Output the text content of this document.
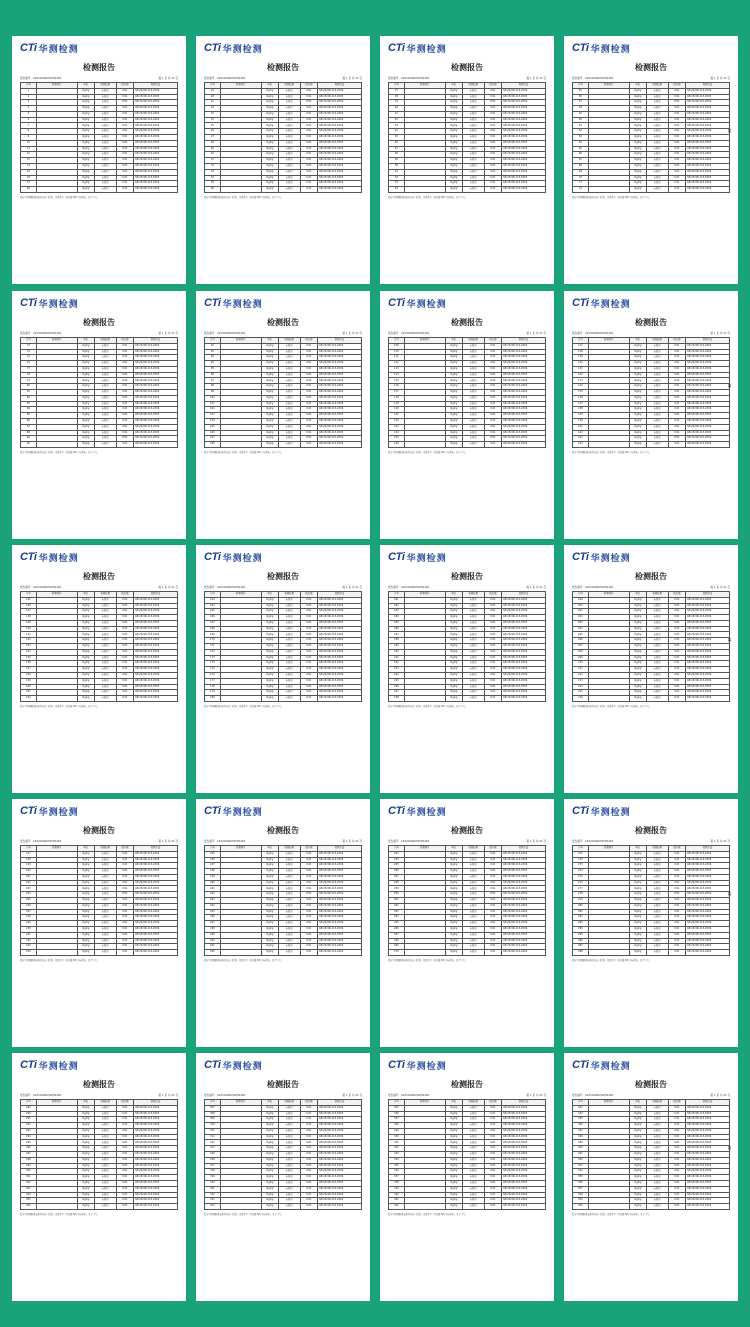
CTi 华测检测
检测报告
报告编号：A2230184652030402	第 1 页 共 21 页
序号	检测项目	单位	检测结果	检出限	检测方法
1		mg/kg	未检出	0.01	GB 23200.113-2018
2		mg/kg	未检出	0.01	GB 23200.113-2018
3		mg/kg	未检出	0.01	GB 23200.113-2018
4		mg/kg	未检出	0.01	GB 23200.113-2018
5		mg/kg	未检出	0.01	GB 23200.113-2018
6		mg/kg	未检出	0.01	GB 23200.113-2018
7		mg/kg	未检出	0.01	GB 23200.113-2018
8		mg/kg	未检出	0.01	GB 23200.113-2018
9		mg/kg	未检出	0.01	GB 23200.113-2018
10		mg/kg	未检出	0.01	GB 23200.113-2018
11		mg/kg	未检出	0.01	GB 23200.113-2018
12		mg/kg	未检出	0.01	GB 23200.113-2018
13		mg/kg	未检出	0.01	GB 23200.113-2018
14		mg/kg	未检出	0.01	GB 23200.113-2018
15		mg/kg	未检出	0.01	GB 23200.113-2018
16		mg/kg	未检出	0.01	GB 23200.113-2018
17		mg/kg	未检出	0.01	GB 23200.113-2018
18		mg/kg	未检出	0.01	GB 23200.113-2018
报告中所附限值标准均由客户提供，仅供参考；检出限 ND 为未检出。以下空白。
CTi 华测检测
检测报告
报告编号：A2230184652030402	第 1 页 共 21 页
序号	检测项目	单位	检测结果	检出限	检测方法
19		mg/kg	未检出	0.01	GB 23200.113-2018
20		mg/kg	未检出	0.01	GB 23200.113-2018
21		mg/kg	未检出	0.01	GB 23200.113-2018
22		mg/kg	未检出	0.01	GB 23200.113-2018
23		mg/kg	未检出	0.01	GB 23200.113-2018
24		mg/kg	未检出	0.01	GB 23200.113-2018
25		mg/kg	未检出	0.01	GB 23200.113-2018
26		mg/kg	未检出	0.01	GB 23200.113-2018
27		mg/kg	未检出	0.01	GB 23200.113-2018
28		mg/kg	未检出	0.01	GB 23200.113-2018
29		mg/kg	未检出	0.01	GB 23200.113-2018
30		mg/kg	未检出	0.01	GB 23200.113-2018
31		mg/kg	未检出	0.01	GB 23200.113-2018
32		mg/kg	未检出	0.01	GB 23200.113-2018
33		mg/kg	未检出	0.01	GB 23200.113-2018
34		mg/kg	未检出	0.01	GB 23200.113-2018
35		mg/kg	未检出	0.01	GB 23200.113-2018
36		mg/kg	未检出	0.01	GB 23200.113-2018
报告中所附限值标准均由客户提供，仅供参考；检出限 ND 为未检出。以下空白。
CTi 华测检测
检测报告
报告编号：A2230184652030402	第 1 页 共 21 页
序号	检测项目	单位	检测结果	检出限	检测方法
37		mg/kg	未检出	0.01	GB 23200.113-2018
38		mg/kg	未检出	0.01	GB 23200.113-2018
39		mg/kg	未检出	0.01	GB 23200.113-2018
40		mg/kg	未检出	0.01	GB 23200.113-2018
41		mg/kg	未检出	0.01	GB 23200.113-2018
42		mg/kg	未检出	0.01	GB 23200.113-2018
43		mg/kg	未检出	0.01	GB 23200.113-2018
44		mg/kg	未检出	0.01	GB 23200.113-2018
45		mg/kg	未检出	0.01	GB 23200.113-2018
46		mg/kg	未检出	0.01	GB 23200.113-2018
47		mg/kg	未检出	0.01	GB 23200.113-2018
48		mg/kg	未检出	0.01	GB 23200.113-2018
49		mg/kg	未检出	0.01	GB 23200.113-2018
50		mg/kg	未检出	0.01	GB 23200.113-2018
51		mg/kg	未检出	0.01	GB 23200.113-2018
52		mg/kg	未检出	0.01	GB 23200.113-2018
53		mg/kg	未检出	0.01	GB 23200.113-2018
54		mg/kg	未检出	0.01	GB 23200.113-2018
报告中所附限值标准均由客户提供，仅供参考；检出限 ND 为未检出。以下空白。
CTi 华测检测
检测报告
报告编号：A2230184652030402	第 1 页 共 21 页
序号	检测项目	单位	检测结果	检出限	检测方法
55		mg/kg	未检出	0.01	GB 23200.113-2018
56		mg/kg	未检出	0.01	GB 23200.113-2018
57		mg/kg	未检出	0.01	GB 23200.113-2018
58		mg/kg	未检出	0.01	GB 23200.113-2018
59		mg/kg	未检出	0.01	GB 23200.113-2018
60		mg/kg	未检出	0.01	GB 23200.113-2018
61		mg/kg	未检出	0.01	GB 23200.113-2018
62		mg/kg	未检出	0.01	GB 23200.113-2018
63		mg/kg	未检出	0.01	GB 23200.113-2018
64		mg/kg	未检出	0.01	GB 23200.113-2018
65		mg/kg	未检出	0.01	GB 23200.113-2018
66		mg/kg	未检出	0.01	GB 23200.113-2018
67		mg/kg	未检出	0.01	GB 23200.113-2018
68		mg/kg	未检出	0.01	GB 23200.113-2018
69		mg/kg	未检出	0.01	GB 23200.113-2018
70		mg/kg	未检出	0.01	GB 23200.113-2018
71		mg/kg	未检出	0.01	GB 23200.113-2018
72		mg/kg	未检出	0.01	GB 23200.113-2018
报告中所附限值标准均由客户提供，仅供参考；检出限 ND 为未检出。以下空白。
✕
CTi 华测检测
检测报告
报告编号：A2230184652030402	第 1 页 共 21 页
序号	检测项目	单位	检测结果	检出限	检测方法
73		mg/kg	未检出	0.01	GB 23200.113-2018
74		mg/kg	未检出	0.01	GB 23200.113-2018
75		mg/kg	未检出	0.01	GB 23200.113-2018
76		mg/kg	未检出	0.01	GB 23200.113-2018
77		mg/kg	未检出	0.01	GB 23200.113-2018
78		mg/kg	未检出	0.01	GB 23200.113-2018
79		mg/kg	未检出	0.01	GB 23200.113-2018
80		mg/kg	未检出	0.01	GB 23200.113-2018
81		mg/kg	未检出	0.01	GB 23200.113-2018
82		mg/kg	未检出	0.01	GB 23200.113-2018
83		mg/kg	未检出	0.01	GB 23200.113-2018
84		mg/kg	未检出	0.01	GB 23200.113-2018
85		mg/kg	未检出	0.01	GB 23200.113-2018
86		mg/kg	未检出	0.01	GB 23200.113-2018
87		mg/kg	未检出	0.01	GB 23200.113-2018
88		mg/kg	未检出	0.01	GB 23200.113-2018
89		mg/kg	未检出	0.01	GB 23200.113-2018
90		mg/kg	未检出	0.01	GB 23200.113-2018
报告中所附限值标准均由客户提供，仅供参考；检出限 ND 为未检出。以下空白。
CTi 华测检测
检测报告
报告编号：A2230184652030402	第 1 页 共 21 页
序号	检测项目	单位	检测结果	检出限	检测方法
91		mg/kg	未检出	0.01	GB 23200.113-2018
92		mg/kg	未检出	0.01	GB 23200.113-2018
93		mg/kg	未检出	0.01	GB 23200.113-2018
94		mg/kg	未检出	0.01	GB 23200.113-2018
95		mg/kg	未检出	0.01	GB 23200.113-2018
96		mg/kg	未检出	0.01	GB 23200.113-2018
97		mg/kg	未检出	0.01	GB 23200.113-2018
98		mg/kg	未检出	0.01	GB 23200.113-2018
99		mg/kg	未检出	0.01	GB 23200.113-2018
100		mg/kg	未检出	0.01	GB 23200.113-2018
101		mg/kg	未检出	0.01	GB 23200.113-2018
102		mg/kg	未检出	0.01	GB 23200.113-2018
103		mg/kg	未检出	0.01	GB 23200.113-2018
104		mg/kg	未检出	0.01	GB 23200.113-2018
105		mg/kg	未检出	0.01	GB 23200.113-2018
106		mg/kg	未检出	0.01	GB 23200.113-2018
107		mg/kg	未检出	0.01	GB 23200.113-2018
108		mg/kg	未检出	0.01	GB 23200.113-2018
报告中所附限值标准均由客户提供，仅供参考；检出限 ND 为未检出。以下空白。
CTi 华测检测
检测报告
报告编号：A2230184652030402	第 1 页 共 21 页
序号	检测项目	单位	检测结果	检出限	检测方法
109		mg/kg	未检出	0.01	GB 23200.113-2018
110		mg/kg	未检出	0.01	GB 23200.113-2018
111		mg/kg	未检出	0.01	GB 23200.113-2018
112		mg/kg	未检出	0.01	GB 23200.113-2018
113		mg/kg	未检出	0.01	GB 23200.113-2018
114		mg/kg	未检出	0.01	GB 23200.113-2018
115		mg/kg	未检出	0.01	GB 23200.113-2018
116		mg/kg	未检出	0.01	GB 23200.113-2018
117		mg/kg	未检出	0.01	GB 23200.113-2018
118		mg/kg	未检出	0.01	GB 23200.113-2018
119		mg/kg	未检出	0.01	GB 23200.113-2018
120		mg/kg	未检出	0.01	GB 23200.113-2018
121		mg/kg	未检出	0.01	GB 23200.113-2018
122		mg/kg	未检出	0.01	GB 23200.113-2018
123		mg/kg	未检出	0.01	GB 23200.113-2018
124		mg/kg	未检出	0.01	GB 23200.113-2018
125		mg/kg	未检出	0.01	GB 23200.113-2018
126		mg/kg	未检出	0.01	GB 23200.113-2018
报告中所附限值标准均由客户提供，仅供参考；检出限 ND 为未检出。以下空白。
CTi 华测检测
检测报告
报告编号：A2230184652030402	第 1 页 共 21 页
序号	检测项目	单位	检测结果	检出限	检测方法
127		mg/kg	未检出	0.01	GB 23200.113-2018
128		mg/kg	未检出	0.01	GB 23200.113-2018
129		mg/kg	未检出	0.01	GB 23200.113-2018
130		mg/kg	未检出	0.01	GB 23200.113-2018
131		mg/kg	未检出	0.01	GB 23200.113-2018
132		mg/kg	未检出	0.01	GB 23200.113-2018
133		mg/kg	未检出	0.01	GB 23200.113-2018
134		mg/kg	未检出	0.01	GB 23200.113-2018
135		mg/kg	未检出	0.01	GB 23200.113-2018
136		mg/kg	未检出	0.01	GB 23200.113-2018
137		mg/kg	未检出	0.01	GB 23200.113-2018
138		mg/kg	未检出	0.01	GB 23200.113-2018
139		mg/kg	未检出	0.01	GB 23200.113-2018
140		mg/kg	未检出	0.01	GB 23200.113-2018
141		mg/kg	未检出	0.01	GB 23200.113-2018
142		mg/kg	未检出	0.01	GB 23200.113-2018
143		mg/kg	未检出	0.01	GB 23200.113-2018
144		mg/kg	未检出	0.01	GB 23200.113-2018
报告中所附限值标准均由客户提供，仅供参考；检出限 ND 为未检出。以下空白。
✕
CTi 华测检测
检测报告
报告编号：A2230184652030402	第 1 页 共 21 页
序号	检测项目	单位	检测结果	检出限	检测方法
145		mg/kg	未检出	0.01	GB 23200.113-2018
146		mg/kg	未检出	0.01	GB 23200.113-2018
147		mg/kg	未检出	0.01	GB 23200.113-2018
148		mg/kg	未检出	0.01	GB 23200.113-2018
149		mg/kg	未检出	0.01	GB 23200.113-2018
150		mg/kg	未检出	0.01	GB 23200.113-2018
151		mg/kg	未检出	0.01	GB 23200.113-2018
152		mg/kg	未检出	0.01	GB 23200.113-2018
153		mg/kg	未检出	0.01	GB 23200.113-2018
154		mg/kg	未检出	0.01	GB 23200.113-2018
155		mg/kg	未检出	0.01	GB 23200.113-2018
156		mg/kg	未检出	0.01	GB 23200.113-2018
157		mg/kg	未检出	0.01	GB 23200.113-2018
158		mg/kg	未检出	0.01	GB 23200.113-2018
159		mg/kg	未检出	0.01	GB 23200.113-2018
160		mg/kg	未检出	0.01	GB 23200.113-2018
161		mg/kg	未检出	0.01	GB 23200.113-2018
162		mg/kg	未检出	0.01	GB 23200.113-2018
报告中所附限值标准均由客户提供，仅供参考；检出限 ND 为未检出。以下空白。
CTi 华测检测
检测报告
报告编号：A2230184652030402	第 1 页 共 21 页
序号	检测项目	单位	检测结果	检出限	检测方法
163		mg/kg	未检出	0.01	GB 23200.113-2018
164		mg/kg	未检出	0.01	GB 23200.113-2018
165		mg/kg	未检出	0.01	GB 23200.113-2018
166		mg/kg	未检出	0.01	GB 23200.113-2018
167		mg/kg	未检出	0.01	GB 23200.113-2018
168		mg/kg	未检出	0.01	GB 23200.113-2018
169		mg/kg	未检出	0.01	GB 23200.113-2018
170		mg/kg	未检出	0.01	GB 23200.113-2018
171		mg/kg	未检出	0.01	GB 23200.113-2018
172		mg/kg	未检出	0.01	GB 23200.113-2018
173		mg/kg	未检出	0.01	GB 23200.113-2018
174		mg/kg	未检出	0.01	GB 23200.113-2018
175		mg/kg	未检出	0.01	GB 23200.113-2018
176		mg/kg	未检出	0.01	GB 23200.113-2018
177		mg/kg	未检出	0.01	GB 23200.113-2018
178		mg/kg	未检出	0.01	GB 23200.113-2018
179		mg/kg	未检出	0.01	GB 23200.113-2018
180		mg/kg	未检出	0.01	GB 23200.113-2018
报告中所附限值标准均由客户提供，仅供参考；检出限 ND 为未检出。以下空白。
CTi 华测检测
检测报告
报告编号：A2230184652030402	第 1 页 共 21 页
序号	检测项目	单位	检测结果	检出限	检测方法
181		mg/kg	未检出	0.01	GB 23200.113-2018
182		mg/kg	未检出	0.01	GB 23200.113-2018
183		mg/kg	未检出	0.01	GB 23200.113-2018
184		mg/kg	未检出	0.01	GB 23200.113-2018
185		mg/kg	未检出	0.01	GB 23200.113-2018
186		mg/kg	未检出	0.01	GB 23200.113-2018
187		mg/kg	未检出	0.01	GB 23200.113-2018
188		mg/kg	未检出	0.01	GB 23200.113-2018
189		mg/kg	未检出	0.01	GB 23200.113-2018
190		mg/kg	未检出	0.01	GB 23200.113-2018
191		mg/kg	未检出	0.01	GB 23200.113-2018
192		mg/kg	未检出	0.01	GB 23200.113-2018
193		mg/kg	未检出	0.01	GB 23200.113-2018
194		mg/kg	未检出	0.01	GB 23200.113-2018
195		mg/kg	未检出	0.01	GB 23200.113-2018
196		mg/kg	未检出	0.01	GB 23200.113-2018
197		mg/kg	未检出	0.01	GB 23200.113-2018
198		mg/kg	未检出	0.01	GB 23200.113-2018
报告中所附限值标准均由客户提供，仅供参考；检出限 ND 为未检出。以下空白。
CTi 华测检测
检测报告
报告编号：A2230184652030402	第 1 页 共 21 页
序号	检测项目	单位	检测结果	检出限	检测方法
199		mg/kg	未检出	0.01	GB 23200.113-2018
200		mg/kg	未检出	0.01	GB 23200.113-2018
201		mg/kg	未检出	0.01	GB 23200.113-2018
202		mg/kg	未检出	0.01	GB 23200.113-2018
203		mg/kg	未检出	0.01	GB 23200.113-2018
204		mg/kg	未检出	0.01	GB 23200.113-2018
205		mg/kg	未检出	0.01	GB 23200.113-2018
206		mg/kg	未检出	0.01	GB 23200.113-2018
207		mg/kg	未检出	0.01	GB 23200.113-2018
208		mg/kg	未检出	0.01	GB 23200.113-2018
209		mg/kg	未检出	0.01	GB 23200.113-2018
210		mg/kg	未检出	0.01	GB 23200.113-2018
211		mg/kg	未检出	0.01	GB 23200.113-2018
212		mg/kg	未检出	0.01	GB 23200.113-2018
213		mg/kg	未检出	0.01	GB 23200.113-2018
214		mg/kg	未检出	0.01	GB 23200.113-2018
215		mg/kg	未检出	0.01	GB 23200.113-2018
216		mg/kg	未检出	0.01	GB 23200.113-2018
报告中所附限值标准均由客户提供，仅供参考；检出限 ND 为未检出。以下空白。
✕
CTi 华测检测
检测报告
报告编号：A2230184652030402	第 1 页 共 21 页
序号	检测项目	单位	检测结果	检出限	检测方法
217		mg/kg	未检出	0.01	GB 23200.113-2018
218		mg/kg	未检出	0.01	GB 23200.113-2018
219		mg/kg	未检出	0.01	GB 23200.113-2018
220		mg/kg	未检出	0.01	GB 23200.113-2018
221		mg/kg	未检出	0.01	GB 23200.113-2018
222		mg/kg	未检出	0.01	GB 23200.113-2018
223		mg/kg	未检出	0.01	GB 23200.113-2018
224		mg/kg	未检出	0.01	GB 23200.113-2018
225		mg/kg	未检出	0.01	GB 23200.113-2018
226		mg/kg	未检出	0.01	GB 23200.113-2018
227		mg/kg	未检出	0.01	GB 23200.113-2018
228		mg/kg	未检出	0.01	GB 23200.113-2018
229		mg/kg	未检出	0.01	GB 23200.113-2018
230		mg/kg	未检出	0.01	GB 23200.113-2018
231		mg/kg	未检出	0.01	GB 23200.113-2018
232		mg/kg	未检出	0.01	GB 23200.113-2018
233		mg/kg	未检出	0.01	GB 23200.113-2018
234		mg/kg	未检出	0.01	GB 23200.113-2018
报告中所附限值标准均由客户提供，仅供参考；检出限 ND 为未检出。以下空白。
CTi 华测检测
检测报告
报告编号：A2230184652030402	第 1 页 共 21 页
序号	检测项目	单位	检测结果	检出限	检测方法
235		mg/kg	未检出	0.01	GB 23200.113-2018
236		mg/kg	未检出	0.01	GB 23200.113-2018
237		mg/kg	未检出	0.01	GB 23200.113-2018
238		mg/kg	未检出	0.01	GB 23200.113-2018
239		mg/kg	未检出	0.01	GB 23200.113-2018
240		mg/kg	未检出	0.01	GB 23200.113-2018
241		mg/kg	未检出	0.01	GB 23200.113-2018
242		mg/kg	未检出	0.01	GB 23200.113-2018
243		mg/kg	未检出	0.01	GB 23200.113-2018
244		mg/kg	未检出	0.01	GB 23200.113-2018
245		mg/kg	未检出	0.01	GB 23200.113-2018
246		mg/kg	未检出	0.01	GB 23200.113-2018
247		mg/kg	未检出	0.01	GB 23200.113-2018
248		mg/kg	未检出	0.01	GB 23200.113-2018
249		mg/kg	未检出	0.01	GB 23200.113-2018
250		mg/kg	未检出	0.01	GB 23200.113-2018
251		mg/kg	未检出	0.01	GB 23200.113-2018
252		mg/kg	未检出	0.01	GB 23200.113-2018
报告中所附限值标准均由客户提供，仅供参考；检出限 ND 为未检出。以下空白。
CTi 华测检测
检测报告
报告编号：A2230184652030402	第 1 页 共 21 页
序号	检测项目	单位	检测结果	检出限	检测方法
253		mg/kg	未检出	0.01	GB 23200.113-2018
254		mg/kg	未检出	0.01	GB 23200.113-2018
255		mg/kg	未检出	0.01	GB 23200.113-2018
256		mg/kg	未检出	0.01	GB 23200.113-2018
257		mg/kg	未检出	0.01	GB 23200.113-2018
258		mg/kg	未检出	0.01	GB 23200.113-2018
259		mg/kg	未检出	0.01	GB 23200.113-2018
260		mg/kg	未检出	0.01	GB 23200.113-2018
261		mg/kg	未检出	0.01	GB 23200.113-2018
262		mg/kg	未检出	0.01	GB 23200.113-2018
263		mg/kg	未检出	0.01	GB 23200.113-2018
264		mg/kg	未检出	0.01	GB 23200.113-2018
265		mg/kg	未检出	0.01	GB 23200.113-2018
266		mg/kg	未检出	0.01	GB 23200.113-2018
267		mg/kg	未检出	0.01	GB 23200.113-2018
268		mg/kg	未检出	0.01	GB 23200.113-2018
269		mg/kg	未检出	0.01	GB 23200.113-2018
270		mg/kg	未检出	0.01	GB 23200.113-2018
报告中所附限值标准均由客户提供，仅供参考；检出限 ND 为未检出。以下空白。
CTi 华测检测
检测报告
报告编号：A2230184652030402	第 1 页 共 21 页
序号	检测项目	单位	检测结果	检出限	检测方法
271		mg/kg	未检出	0.01	GB 23200.113-2018
272		mg/kg	未检出	0.01	GB 23200.113-2018
273		mg/kg	未检出	0.01	GB 23200.113-2018
274		mg/kg	未检出	0.01	GB 23200.113-2018
275		mg/kg	未检出	0.01	GB 23200.113-2018
276		mg/kg	未检出	0.01	GB 23200.113-2018
277		mg/kg	未检出	0.01	GB 23200.113-2018
278		mg/kg	未检出	0.01	GB 23200.113-2018
279		mg/kg	未检出	0.01	GB 23200.113-2018
280		mg/kg	未检出	0.01	GB 23200.113-2018
281		mg/kg	未检出	0.01	GB 23200.113-2018
282		mg/kg	未检出	0.01	GB 23200.113-2018
283		mg/kg	未检出	0.01	GB 23200.113-2018
284		mg/kg	未检出	0.01	GB 23200.113-2018
285		mg/kg	未检出	0.01	GB 23200.113-2018
286		mg/kg	未检出	0.01	GB 23200.113-2018
287		mg/kg	未检出	0.01	GB 23200.113-2018
288		mg/kg	未检出	0.01	GB 23200.113-2018
报告中所附限值标准均由客户提供，仅供参考；检出限 ND 为未检出。以下空白。
✕
CTi 华测检测
检测报告
报告编号：A2230184652030402	第 1 页 共 21 页
序号	检测项目	单位	检测结果	检出限	检测方法
289		mg/kg	未检出	0.01	GB 23200.113-2018
290		mg/kg	未检出	0.01	GB 23200.113-2018
291		mg/kg	未检出	0.01	GB 23200.113-2018
292		mg/kg	未检出	0.01	GB 23200.113-2018
293		mg/kg	未检出	0.01	GB 23200.113-2018
294		mg/kg	未检出	0.01	GB 23200.113-2018
295		mg/kg	未检出	0.01	GB 23200.113-2018
296		mg/kg	未检出	0.01	GB 23200.113-2018
297		mg/kg	未检出	0.01	GB 23200.113-2018
298		mg/kg	未检出	0.01	GB 23200.113-2018
299		mg/kg	未检出	0.01	GB 23200.113-2018
300		mg/kg	未检出	0.01	GB 23200.113-2018
301		mg/kg	未检出	0.01	GB 23200.113-2018
302		mg/kg	未检出	0.01	GB 23200.113-2018
303		mg/kg	未检出	0.01	GB 23200.113-2018
304		mg/kg	未检出	0.01	GB 23200.113-2018
305		mg/kg	未检出	0.01	GB 23200.113-2018
306		mg/kg	未检出	0.01	GB 23200.113-2018
报告中所附限值标准均由客户提供，仅供参考；检出限 ND 为未检出。以下空白。
CTi 华测检测
检测报告
报告编号：A2230184652030402	第 1 页 共 21 页
序号	检测项目	单位	检测结果	检出限	检测方法
307		mg/kg	未检出	0.01	GB 23200.113-2018
308		mg/kg	未检出	0.01	GB 23200.113-2018
309		mg/kg	未检出	0.01	GB 23200.113-2018
310		mg/kg	未检出	0.01	GB 23200.113-2018
311		mg/kg	未检出	0.01	GB 23200.113-2018
312		mg/kg	未检出	0.01	GB 23200.113-2018
313		mg/kg	未检出	0.01	GB 23200.113-2018
314		mg/kg	未检出	0.01	GB 23200.113-2018
315		mg/kg	未检出	0.01	GB 23200.113-2018
316		mg/kg	未检出	0.01	GB 23200.113-2018
317		mg/kg	未检出	0.01	GB 23200.113-2018
318		mg/kg	未检出	0.01	GB 23200.113-2018
319		mg/kg	未检出	0.01	GB 23200.113-2018
320		mg/kg	未检出	0.01	GB 23200.113-2018
321		mg/kg	未检出	0.01	GB 23200.113-2018
322		mg/kg	未检出	0.01	GB 23200.113-2018
323		mg/kg	未检出	0.01	GB 23200.113-2018
324		mg/kg	未检出	0.01	GB 23200.113-2018
报告中所附限值标准均由客户提供，仅供参考；检出限 ND 为未检出。以下空白。
CTi 华测检测
检测报告
报告编号：A2230184652030402	第 1 页 共 21 页
序号	检测项目	单位	检测结果	检出限	检测方法
325		mg/kg	未检出	0.01	GB 23200.113-2018
326		mg/kg	未检出	0.01	GB 23200.113-2018
327		mg/kg	未检出	0.01	GB 23200.113-2018
328		mg/kg	未检出	0.01	GB 23200.113-2018
329		mg/kg	未检出	0.01	GB 23200.113-2018
330		mg/kg	未检出	0.01	GB 23200.113-2018
331		mg/kg	未检出	0.01	GB 23200.113-2018
332		mg/kg	未检出	0.01	GB 23200.113-2018
333		mg/kg	未检出	0.01	GB 23200.113-2018
334		mg/kg	未检出	0.01	GB 23200.113-2018
335		mg/kg	未检出	0.01	GB 23200.113-2018
336		mg/kg	未检出	0.01	GB 23200.113-2018
337		mg/kg	未检出	0.01	GB 23200.113-2018
338		mg/kg	未检出	0.01	GB 23200.113-2018
339		mg/kg	未检出	0.01	GB 23200.113-2018
340		mg/kg	未检出	0.01	GB 23200.113-2018
341		mg/kg	未检出	0.01	GB 23200.113-2018
342		mg/kg	未检出	0.01	GB 23200.113-2018
报告中所附限值标准均由客户提供，仅供参考；检出限 ND 为未检出。以下空白。
CTi 华测检测
检测报告
报告编号：A2230184652030402	第 1 页 共 21 页
序号	检测项目	单位	检测结果	检出限	检测方法
343		mg/kg	未检出	0.01	GB 23200.113-2018
344		mg/kg	未检出	0.01	GB 23200.113-2018
345		mg/kg	未检出	0.01	GB 23200.113-2018
346		mg/kg	未检出	0.01	GB 23200.113-2018
347		mg/kg	未检出	0.01	GB 23200.113-2018
348		mg/kg	未检出	0.01	GB 23200.113-2018
349		mg/kg	未检出	0.01	GB 23200.113-2018
350		mg/kg	未检出	0.01	GB 23200.113-2018
351		mg/kg	未检出	0.01	GB 23200.113-2018
352		mg/kg	未检出	0.01	GB 23200.113-2018
353		mg/kg	未检出	0.01	GB 23200.113-2018
354		mg/kg	未检出	0.01	GB 23200.113-2018
355		mg/kg	未检出	0.01	GB 23200.113-2018
356		mg/kg	未检出	0.01	GB 23200.113-2018
357		mg/kg	未检出	0.01	GB 23200.113-2018
358		mg/kg	未检出	0.01	GB 23200.113-2018
359		mg/kg	未检出	0.01	GB 23200.113-2018
360		mg/kg	未检出	0.01	GB 23200.113-2018
报告中所附限值标准均由客户提供，仅供参考；检出限 ND 为未检出。以下空白。
✕
